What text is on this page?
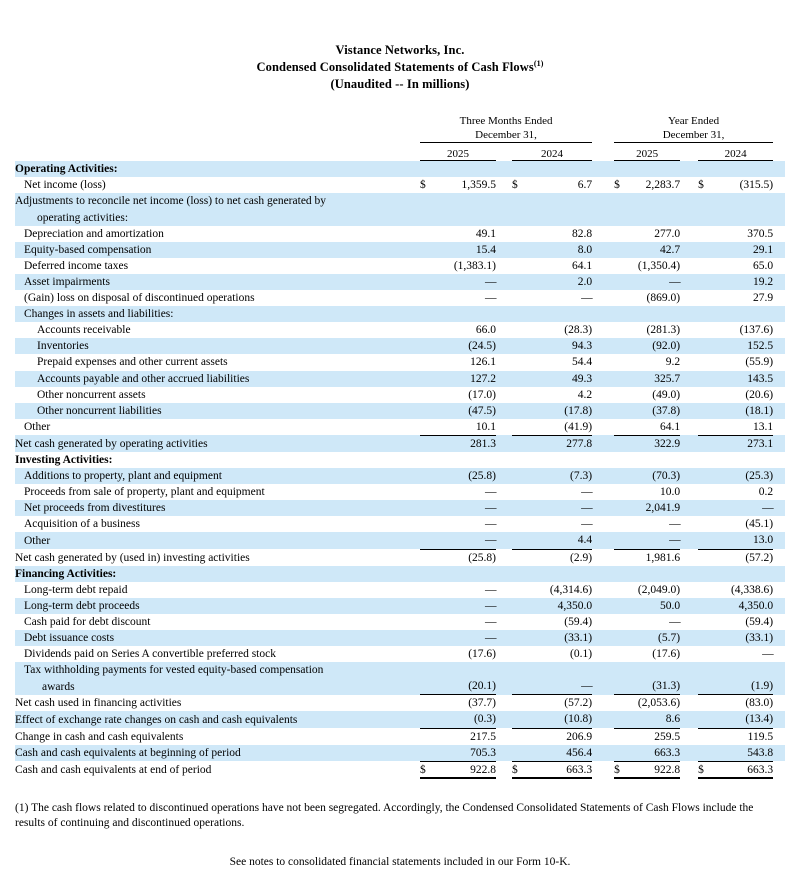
Vistance Networks, Inc.
Condensed Consolidated Statements of Cash Flows$^{(1)}$
(Unaudited -- In millions)

	Three Months Ended
December 31,						Year Ended
December 31,					

	2025			2024			2025			2024		
Operating Activities:												
Net income (loss)	$	1,359.5		$	6.7		$	2,283.7		$	(315.5)	
Adjustments to reconcile net income (loss) to net cash generated by												
operating activities:												
Depreciation and amortization		49.1			82.8			277.0			370.5	
Equity-based compensation		15.4			8.0			42.7			29.1	
Deferred income taxes		(1,383.1)			64.1			(1,350.4)			65.0	
Asset impairments		—			2.0			—			19.2	
(Gain) loss on disposal of discontinued operations		—			—			(869.0)			27.9	
Changes in assets and liabilities:												
Accounts receivable		66.0			(28.3)			(281.3)			(137.6)	
Inventories		(24.5)			94.3			(92.0)			152.5	
Prepaid expenses and other current assets		126.1			54.4			9.2			(55.9)	
Accounts payable and other accrued liabilities		127.2			49.3			325.7			143.5	
Other noncurrent assets		(17.0)			4.2			(49.0)			(20.6)	
Other noncurrent liabilities		(47.5)			(17.8)			(37.8)			(18.1)	
Other		10.1			(41.9)			64.1			13.1	
Net cash generated by operating activities		281.3			277.8			322.9			273.1	
Investing Activities:												
Additions to property, plant and equipment		(25.8)			(7.3)			(70.3)			(25.3)	
Proceeds from sale of property, plant and equipment		—			—			10.0			0.2	
Net proceeds from divestitures		—			—			2,041.9			—	
Acquisition of a business		—			—			—			(45.1)	
Other		—			4.4			—			13.0	
Net cash generated by (used in) investing activities		(25.8)			(2.9)			1,981.6			(57.2)	
Financing Activities:												
Long-term debt repaid		—			(4,314.6)			(2,049.0)			(4,338.6)	
Long-term debt proceeds		—			4,350.0			50.0			4,350.0	
Cash paid for debt discount		—			(59.4)			—			(59.4)	
Debt issuance costs		—			(33.1)			(5.7)			(33.1)	
Dividends paid on Series A convertible preferred stock		(17.6)			(0.1)			(17.6)			—	
Tax withholding payments for vested equity-based compensation												
awards		(20.1)			—			(31.3)			(1.9)	
Net cash used in financing activities		(37.7)			(57.2)			(2,053.6)			(83.0)	
Effect of exchange rate changes on cash and cash equivalents		(0.3)			(10.8)			8.6			(13.4)	
Change in cash and cash equivalents		217.5			206.9			259.5			119.5	
Cash and cash equivalents at beginning of period		705.3			456.4			663.3			543.8	
Cash and cash equivalents at end of period	$	922.8		$	663.3		$	922.8		$	663.3	
(1) The cash flows related to discontinued operations have not been segregated. Accordingly, the Condensed Consolidated Statements of Cash Flows include the results of continuing and discontinued operations.
See notes to consolidated financial statements included in our Form 10-K.
